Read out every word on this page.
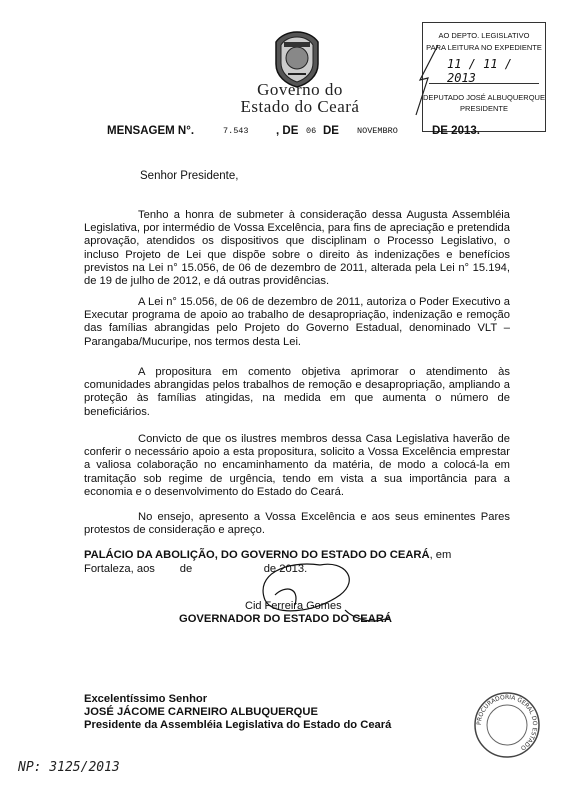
Governo do
Estado do Ceará
AO DEPTO. LEGISLATIVO
PARA LEITURA NO EXPEDIENTE
11 / 11 / 2013
DEPUTADO JOSÉ ALBUQUERQUE
PRESIDENTE
MENSAGEM N°.	7.543 , DE 06 DE NOVEMBRO	DE 2013.
Senhor Presidente,
Tenho a honra de submeter à consideração dessa Augusta Assembléia Legislativa, por intermédio de Vossa Excelência, para fins de apreciação e pretendida aprovação, atendidos os dispositivos que disciplinam o Processo Legislativo, o incluso Projeto de Lei que dispõe sobre o direito às indenizações e benefícios previstos na Lei n° 15.056, de 06 de dezembro de 2011, alterada pela Lei n° 15.194, de 19 de julho de 2012, e dá outras providências.
A Lei n° 15.056, de 06 de dezembro de 2011, autoriza o Poder Executivo a Executar programa de apoio ao trabalho de desapropriação, indenização e remoção das famílias abrangidas pelo Projeto do Governo Estadual, denominado VLT – Parangaba/Mucuripe, nos termos desta Lei.
A propositura em comento objetiva aprimorar o atendimento às comunidades abrangidas pelos trabalhos de remoção e desapropriação, ampliando a proteção às famílias atingidas, na medida em que aumenta o número de beneficiários.
Convicto de que os ilustres membros dessa Casa Legislativa haverão de conferir o necessário apoio a esta propositura, solicito a Vossa Excelência emprestar a valiosa colaboração no encaminhamento da matéria, de modo a colocá-la em tramitação sob regime de urgência, tendo em vista a sua importância para a economia e o desenvolvimento do Estado do Ceará.
No ensejo, apresento a Vossa Excelência e aos seus eminentes Pares protestos de consideração e apreço.
PALÁCIO DA ABOLIÇÃO, DO GOVERNO DO ESTADO DO CEARÁ, em
Fortaleza, aos        de                       de 2013.
Cid Ferreira Gomes
GOVERNADOR DO ESTADO DO CEARÁ
Excelentíssimo Senhor
JOSÉ JÁCOME CARNEIRO ALBUQUERQUE
Presidente da Assembléia Legislativa do Estado do Ceará	PROCURADORIA GERAL DO ESTADO
NP: 3125/2013
